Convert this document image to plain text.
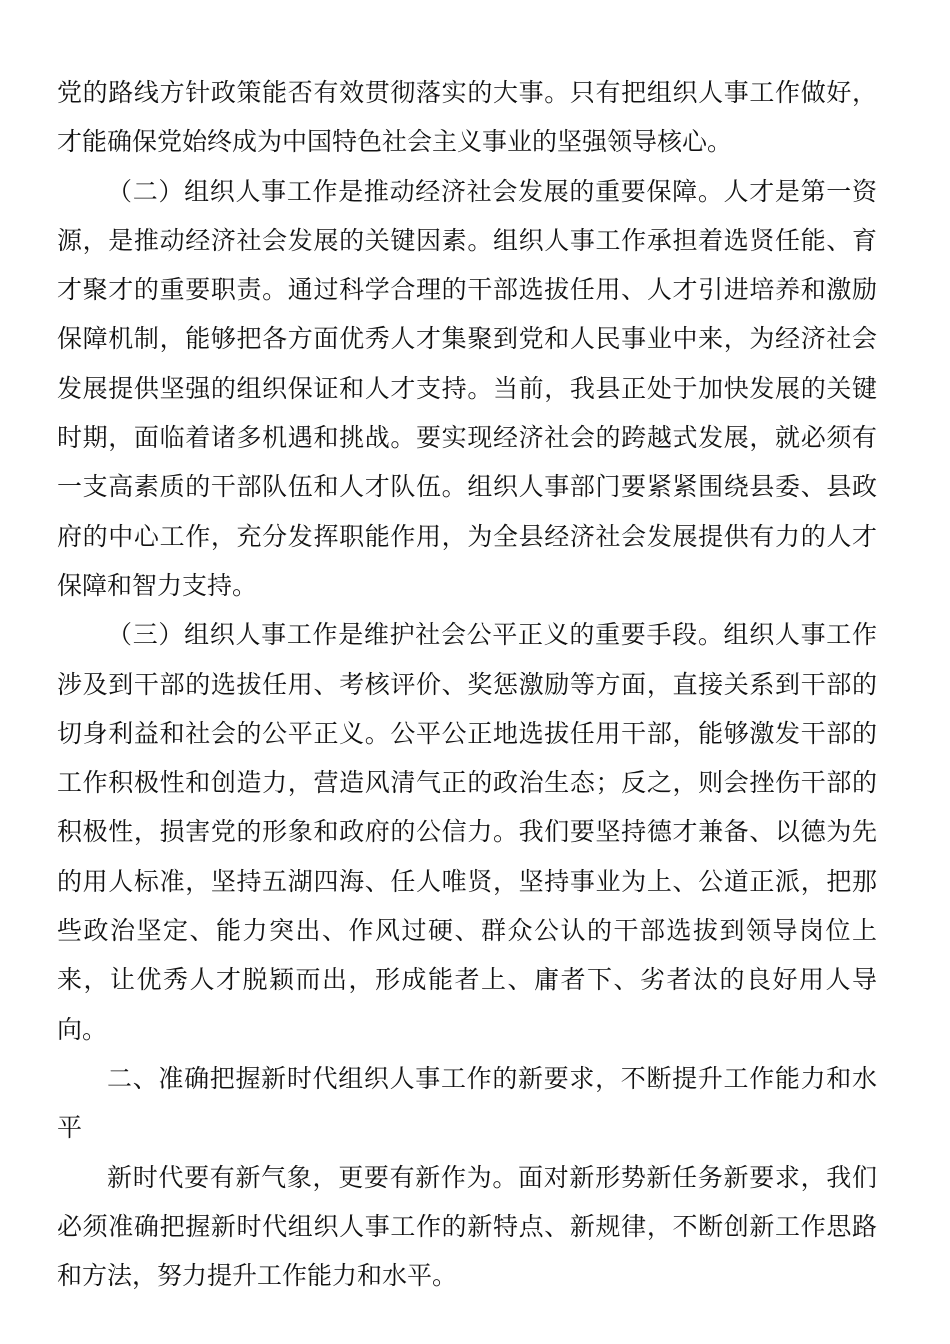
党的路线方针政策能否有效贯彻落实的大事。只有把组织人事工作做好，才能确保党始终成为中国特色社会主义事业的坚强领导核心。

（二）组织人事工作是推动经济社会发展的重要保障。人才是第一资源，是推动经济社会发展的关键因素。组织人事工作承担着选贤任能、育才聚才的重要职责。通过科学合理的干部选拔任用、人才引进培养和激励保障机制，能够把各方面优秀人才集聚到党和人民事业中来，为经济社会发展提供坚强的组织保证和人才支持。当前，我县正处于加快发展的关键时期，面临着诸多机遇和挑战。要实现经济社会的跨越式发展，就必须有一支高素质的干部队伍和人才队伍。组织人事部门要紧紧围绕县委、县政府的中心工作，充分发挥职能作用，为全县经济社会发展提供有力的人才保障和智力支持。

（三）组织人事工作是维护社会公平正义的重要手段。组织人事工作涉及到干部的选拔任用、考核评价、奖惩激励等方面，直接关系到干部的切身利益和社会的公平正义。公平公正地选拔任用干部，能够激发干部的工作积极性和创造力，营造风清气正的政治生态；反之，则会挫伤干部的积极性，损害党的形象和政府的公信力。我们要坚持德才兼备、以德为先的用人标准，坚持五湖四海、任人唯贤，坚持事业为上、公道正派，把那些政治坚定、能力突出、作风过硬、群众公认的干部选拔到领导岗位上来，让优秀人才脱颖而出，形成能者上、庸者下、劣者汰的良好用人导向。

二、准确把握新时代组织人事工作的新要求，不断提升工作能力和水平

新时代要有新气象，更要有新作为。面对新形势新任务新要求，我们必须准确把握新时代组织人事工作的新特点、新规律，不断创新工作思路和方法，努力提升工作能力和水平。
